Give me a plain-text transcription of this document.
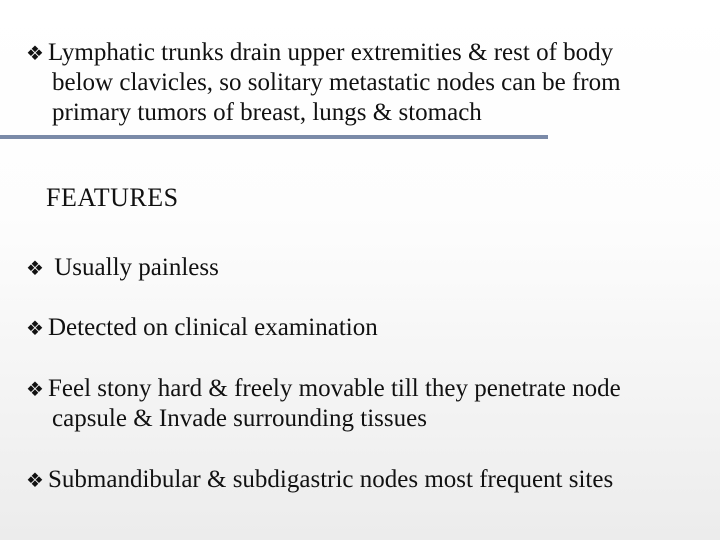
❖ Lymphatic trunks drain upper extremities & rest of body
below clavicles, so solitary metastatic nodes can be from
primary tumors of breast, lungs & stomach
FEATURES
❖ Usually painless
❖ Detected on clinical examination
❖ Feel stony hard & freely movable till they penetrate node
capsule & Invade surrounding tissues
❖ Submandibular & subdigastric nodes most frequent sites
